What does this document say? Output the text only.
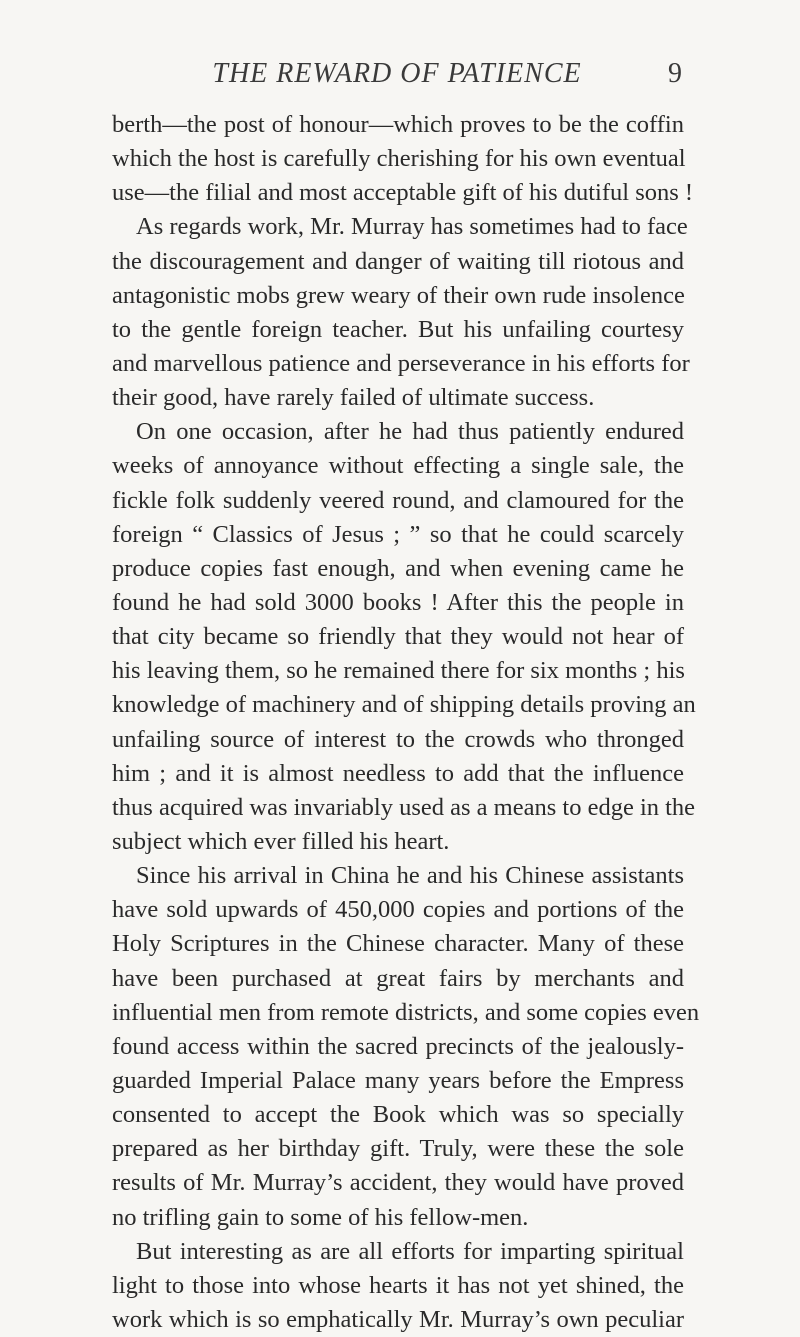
THE REWARD OF PATIENCE	9
berth—the post of honour—which proves to be the coffin
which the host is carefully cherishing for his own eventual
use—the filial and most acceptable gift of his dutiful sons !
As regards work, Mr. Murray has sometimes had to face
the discouragement and danger of waiting till riotous and
antagonistic mobs grew weary of their own rude insolence
to the gentle foreign teacher. But his unfailing courtesy
and marvellous patience and perseverance in his efforts for
their good, have rarely failed of ultimate success.
On one occasion, after he had thus patiently endured
weeks of annoyance without effecting a single sale, the
fickle folk suddenly veered round, and clamoured for the
foreign “ Classics of Jesus ; ” so that he could scarcely
produce copies fast enough, and when evening came he
found he had sold 3000 books ! After this the people in
that city became so friendly that they would not hear of
his leaving them, so he remained there for six months ; his
knowledge of machinery and of shipping details proving an
unfailing source of interest to the crowds who thronged
him ; and it is almost needless to add that the influence
thus acquired was invariably used as a means to edge in the
subject which ever filled his heart.
Since his arrival in China he and his Chinese assistants
have sold upwards of 450,000 copies and portions of the
Holy Scriptures in the Chinese character. Many of these
have been purchased at great fairs by merchants and
influential men from remote districts, and some copies even
found access within the sacred precincts of the jealously-
guarded Imperial Palace many years before the Empress
consented to accept the Book which was so specially
prepared as her birthday gift. Truly, were these the sole
results of Mr. Murray’s accident, they would have proved
no trifling gain to some of his fellow-men.
But interesting as are all efforts for imparting spiritual
light to those into whose hearts it has not yet shined, the
work which is so emphatically Mr. Murray’s own peculiar
